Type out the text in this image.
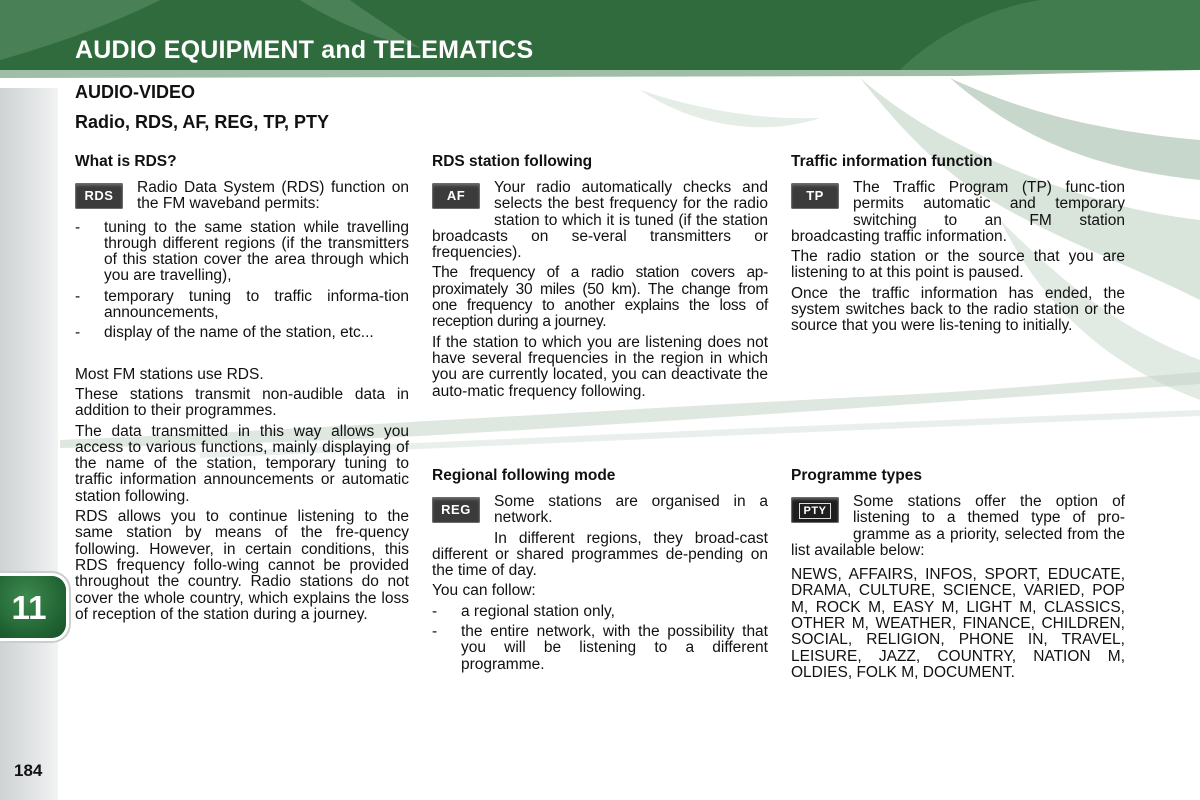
AUDIO EQUIPMENT and TELEMATICS
AUDIO-VIDEO
Radio, RDS, AF, REG, TP, PTY
What is RDS?
RDS	Radio Data System (RDS) function on the FM waveband permits:

- tuning to the same station while travelling through different regions (if the transmitters of this station cover the area through which you are travelling),
- temporary tuning to traffic informa-tion announcements,
- display of the name of the station, etc...

Most FM stations use RDS.

These stations transmit non-audible data in addition to their programmes.

The data transmitted in this way allows you access to various functions, mainly displaying of the name of the station, temporary tuning to traffic information announcements or automatic station following.

RDS allows you to continue listening to the same station by means of the fre-quency following. However, in certain conditions, this RDS frequency follo-wing cannot be provided throughout the country. Radio stations do not cover the whole country, which explains the loss of reception of the station during a journey.

RDS station following
AF	Your radio automatically checks and selects the best frequency for the radio station to which it is tuned (if the station broadcasts on se-veral transmitters or frequencies).

The frequency of a radio station covers ap-proximately 30 miles (50 km). The change from one frequency to another explains the loss of reception during a journey.

If the station to which you are listening does not have several frequencies in the region in which you are currently located, you can deactivate the auto-matic frequency following.

Regional following mode
REG	Some stations are organised in a network.

In different regions, they broad-cast different or shared programmes de-pending on the time of day.

You can follow:

- a regional station only,
- the entire network, with the possibility that you will be listening to a different programme.
Traffic information function
TP	The Traffic Program (TP) func-tion permits automatic and temporary switching to an FM station broadcasting traffic information.

The radio station or the source that you are listening to at this point is paused.

Once the traffic information has ended, the system switches back to the radio station or the source that you were lis-tening to initially.

Programme types
PTY

Some stations offer the option of listening to a themed type of pro-gramme as a priority, selected from the list available below:

NEWS, AFFAIRS, INFOS, SPORT, EDUCATE, DRAMA, CULTURE, SCIENCE, VARIED, POP M, ROCK M, EASY M, LIGHT M, CLASSICS, OTHER M, WEATHER, FINANCE, CHILDREN, SOCIAL, RELIGION, PHONE IN, TRAVEL, LEISURE, JAZZ, COUNTRY, NATION M, OLDIES, FOLK M, DOCUMENT.

11
184
